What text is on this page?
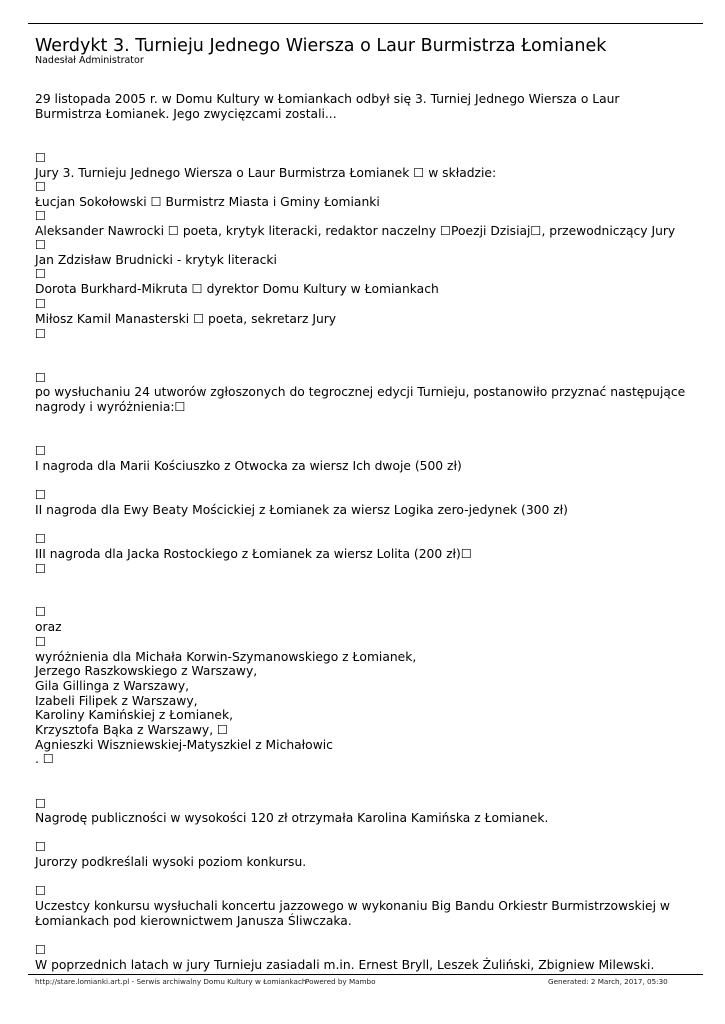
Werdykt 3. Turnieju Jednego Wiersza o Laur Burmistrza Łomianek
Nadesłał Administrator
29 listopada 2005 r. w Domu Kultury w Łomiankach odbył się 3. Turniej Jednego Wiersza o Laur
Burmistrza Łomianek. Jego zwycięzcami zostali...
☐
Jury 3. Turnieju Jednego Wiersza o Laur Burmistrza Łomianek ☐ w składzie:
☐
Łucjan Sokołowski ☐ Burmistrz Miasta i Gminy Łomianki
☐
Aleksander Nawrocki ☐ poeta, krytyk literacki, redaktor naczelny ☐Poezji Dzisiaj☐, przewodniczący Jury
☐
Jan Zdzisław Brudnicki - krytyk literacki
☐
Dorota Burkhard-Mikruta ☐ dyrektor Domu Kultury w Łomiankach
☐
Miłosz Kamil Manasterski ☐ poeta, sekretarz Jury
☐
☐
po wysłuchaniu 24 utworów zgłoszonych do tegrocznej edycji Turnieju, postanowiło przyznać następujące
nagrody i wyróżnienia:☐
☐
I nagroda dla Marii Kościuszko z Otwocka za wiersz Ich dwoje (500 zł)
☐
II nagroda dla Ewy Beaty Mościckiej z Łomianek za wiersz Logika zero-jedynek (300 zł)
☐
III nagroda dla Jacka Rostockiego z Łomianek za wiersz Lolita (200 zł)☐
☐
☐
oraz
☐
wyróżnienia dla Michała Korwin-Szymanowskiego z Łomianek,
Jerzego Raszkowskiego z Warszawy,
Gila Gillinga z Warszawy,
Izabeli Filipek z Warszawy,
Karoliny Kamińskiej z Łomianek,
Krzysztofa Bąka z Warszawy, ☐
Agnieszki Wiszniewskiej-Matyszkiel z Michałowic
. ☐
☐
Nagrodę publiczności w wysokości 120 zł otrzymała Karolina Kamińska z Łomianek.
☐
Jurorzy podkreślali wysoki poziom konkursu.
☐
Uczestcy konkursu wysłuchali koncertu jazzowego w wykonaniu Big Bandu Orkiestr Burmistrzowskiej w
Łomiankach pod kierownictwem Janusza Śliwczaka.
☐
W poprzednich latach w jury Turnieju zasiadali m.in. Ernest Bryll, Leszek Żuliński, Zbigniew Milewski.
http://stare.lomianki.art.pl - Serwis archiwalny Domu Kultury w Łomiankach
Powered by Mambo	Generated: 2 March, 2017, 05:30
